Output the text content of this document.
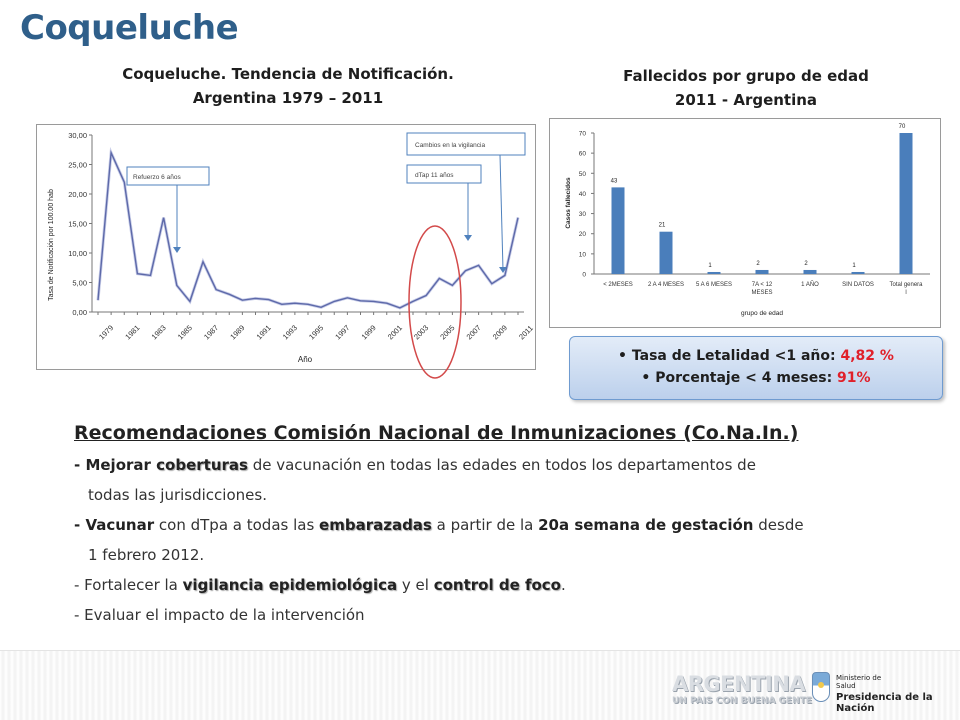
Coqueluche
Coqueluche. Tendencia de Notificación.
Argentina 1979 – 2011
Fallecidos por grupo de edad
2011 - Argentina
Tasa de Notificación por 100.00 hab
Año
0,00
5,00
10,00
15,00
20,00
25,00
30,00
1979 1981 1983 1985 1987 1989 1991 1993 1995 1997 1999 2001 2003 2005 2007 2009 2011
Refuerzo 6 años
Cambios en la vigilancia
dTap 11 años
Casos fallecidos
grupo de edad
0
10
20
30
40
50
60
70
< 2MESES	2 A 4 MESES 5 A 6 MESES	7A < 12
MESES
1 AÑO	SIN DATOS	Total genera
l
43
21
1	2	2	1
70
• Tasa de Letalidad <1 año: 4,82 %
• Porcentaje < 4 meses: 91%
Recomendaciones Comisión Nacional de Inmunizaciones (Co.Na.In.)

- Mejorar coberturas de vacunación en todas las edades en todos los departamentos de

todas las jurisdicciones.

- Vacunar con dTpa a todas las embarazadas a partir de la 20a semana de gestación desde

1 febrero 2012.

- Fortalecer la vigilancia epidemiológica y el control de foco.

- Evaluar el impacto de la intervención

ARGENTINA
UN PAIS CON BUENA GENTE
Ministerio de
Salud
Presidencia de la Nación
